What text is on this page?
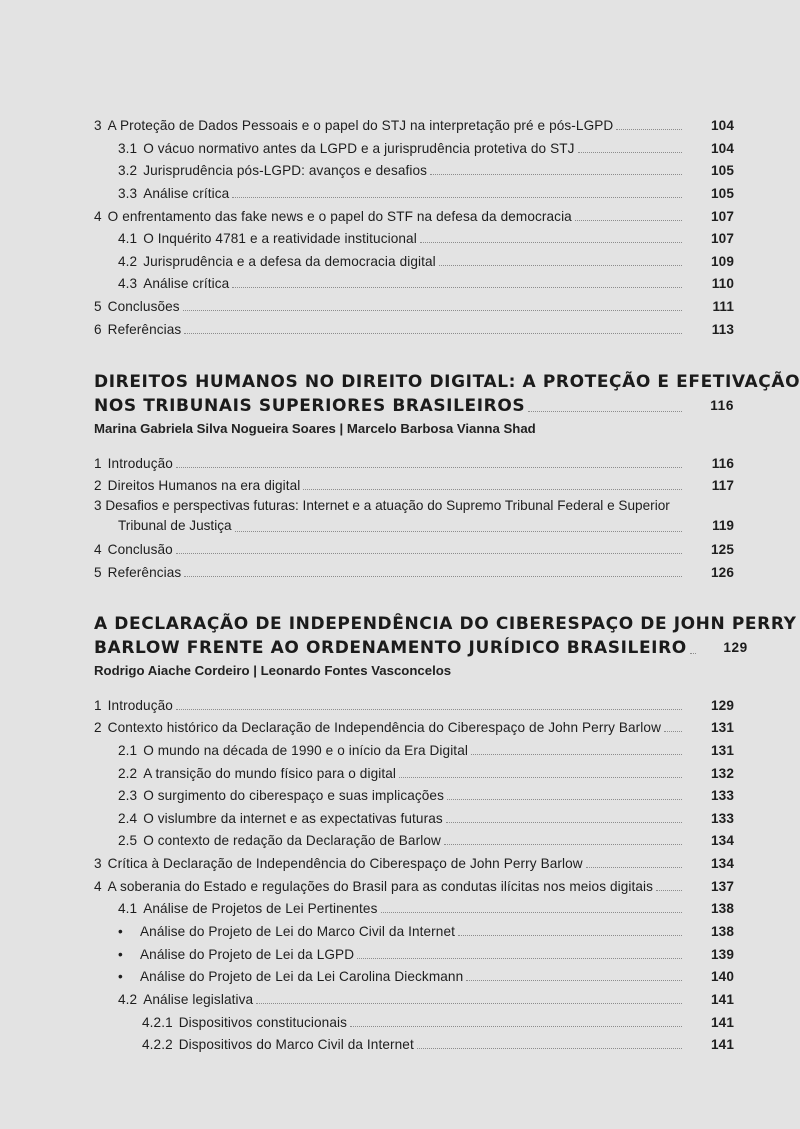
3 A Proteção de Dados Pessoais e o papel do STJ na interpretação pré e pós-LGPD	104
3.1 O vácuo normativo antes da LGPD e a jurisprudência protetiva do STJ	104
3.2 Jurisprudência pós-LGPD: avanços e desafios	105
3.3 Análise crítica	105
4 O enfrentamento das fake news e o papel do STF na defesa da democracia	107
4.1 O Inquérito 4781 e a reatividade institucional	107
4.2 Jurisprudência e a defesa da democracia digital	109
4.3 Análise crítica	110
5 Conclusões	111
6 Referências	113
DIREITOS HUMANOS NO DIREITO DIGITAL: A PROTEÇÃO E EFETIVAÇÃO
NOS TRIBUNAIS SUPERIORES BRASILEIROS	116
Marina Gabriela Silva Nogueira Soares | Marcelo Barbosa Vianna Shad
1 Introdução	116
2 Direitos Humanos na era digital	117
3 Desafios e perspectivas futuras: Internet e a atuação do Supremo Tribunal Federal e Superior
Tribunal de Justiça	119
4 Conclusão	125
5 Referências	126
A DECLARAÇÃO DE INDEPENDÊNCIA DO CIBERESPAÇO DE JOHN PERRY
BARLOW FRENTE AO ORDENAMENTO JURÍDICO BRASILEIRO	129
Rodrigo Aiache Cordeiro | Leonardo Fontes Vasconcelos
1 Introdução	129
2 Contexto histórico da Declaração de Independência do Ciberespaço de John Perry Barlow	131
2.1 O mundo na década de 1990 e o início da Era Digital	131
2.2 A transição do mundo físico para o digital	132
2.3 O surgimento do ciberespaço e suas implicações	133
2.4 O vislumbre da internet e as expectativas futuras	133
2.5 O contexto de redação da Declaração de Barlow	134
3 Crítica à Declaração de Independência do Ciberespaço de John Perry Barlow	134
4 A soberania do Estado e regulações do Brasil para as condutas ilícitas nos meios digitais	137
4.1 Análise de Projetos de Lei Pertinentes	138
•	Análise do Projeto de Lei do Marco Civil da Internet	138
•	Análise do Projeto de Lei da LGPD	139
•	Análise do Projeto de Lei da Lei Carolina Dieckmann	140
4.2 Análise legislativa	141
4.2.1 Dispositivos constitucionais	141
4.2.2 Dispositivos do Marco Civil da Internet	141
